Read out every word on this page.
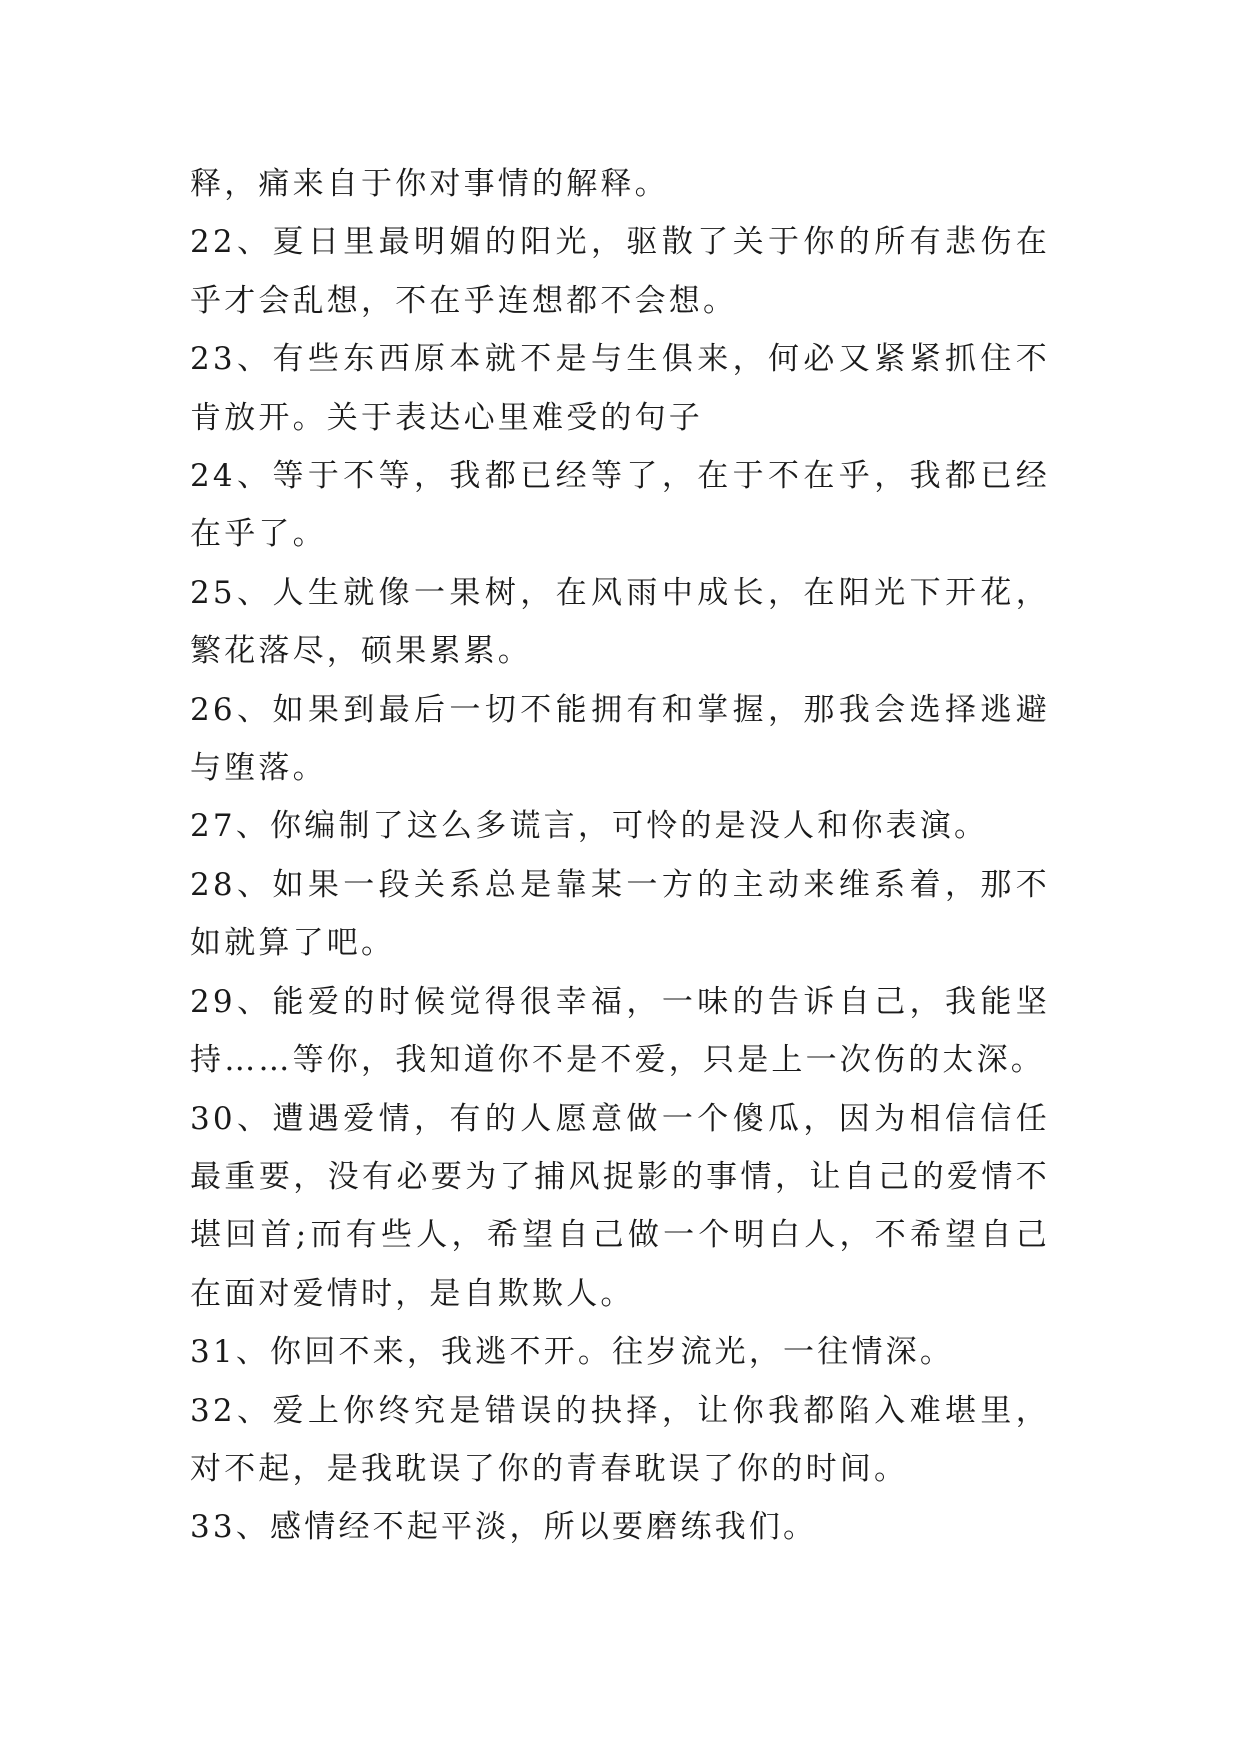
释，痛来自于你对事情的解释。

22、夏日里最明媚的阳光，驱散了关于你的所有悲伤在乎才会乱想，不在乎连想都不会想。

23、有些东西原本就不是与生俱来，何必又紧紧抓住不肯放开。关于表达心里难受的句子

24、等于不等，我都已经等了，在于不在乎，我都已经在乎了。

25、人生就像一果树，在风雨中成长，在阳光下开花，繁花落尽，硕果累累。

26、如果到最后一切不能拥有和掌握，那我会选择逃避与堕落。

27、你编制了这么多谎言，可怜的是没人和你表演。

28、如果一段关系总是靠某一方的主动来维系着，那不如就算了吧。

29、能爱的时候觉得很幸福，一味的告诉自己，我能坚持……等你，我知道你不是不爱，只是上一次伤的太深。

30、遭遇爱情，有的人愿意做一个傻瓜，因为相信信任最重要，没有必要为了捕风捉影的事情，让自己的爱情不堪回首;而有些人，希望自己做一个明白人，不希望自己在面对爱情时，是自欺欺人。

31、你回不来，我逃不开。往岁流光，一往情深。

32、爱上你终究是错误的抉择，让你我都陷入难堪里，对不起，是我耽误了你的青春耽误了你的时间。

33、感情经不起平淡，所以要磨练我们。
